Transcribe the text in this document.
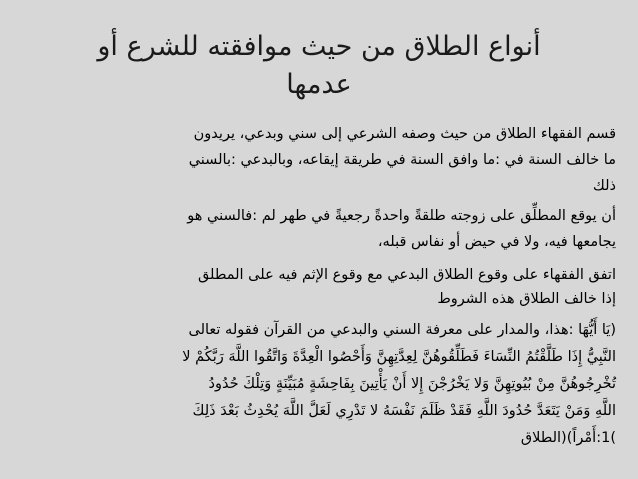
أنواع الطلاق من حيث موافقته للشرع أو
عدمها

قسم الفقهاء الطلاق من حيث وصفه الشرعي إلى سني وبدعي، يريدون

ما خالف السنة في :ما وافق السنة في طريقة إيقاعه، وبالبدعي :بالسني

ذلك

أن يوقع المطلِّق على زوجته طلقةً واحدةً رجعيةً في طهر لم :فالسني هو

يجامعها فيه، ولا في حيض أو نفاس قبله،

اتفق الفقهاء على وقوع الطلاق البدعي مع وقوع الإثم فيه على المطلق

إذا خالف الطلاق هذه الشروط

(يَا أَيُّهَا :هذا، والمدار على معرفة السني والبدعي من القرآن فقوله تعالى

النَّبِيُّ إِذَا طَلَّقْتُمُ النِّسَاءَ فَطَلِّقُوهُنَّ لِعِدَّتِهِنَّ وَأَحْصُوا الْعِدَّةَ وَاتَّقُوا اللَّهَ رَبَّكُمْ لا

تُخْرِجُوهُنَّ مِنْ بُيُوتِهِنَّ وَلا يَخْرُجْنَ إِلا أَنْ يَأْتِينَ بِفَاحِشَةٍ مُبَيِّنَةٍ وَتِلْكَ حُدُودُ

اللَّهِ وَمَنْ يَتَعَدَّ حُدُودَ اللَّهِ فَقَدْ ظَلَمَ نَفْسَهُ لا تَدْرِي لَعَلَّ اللَّهَ يُحْدِثُ بَعْدَ ذَلِكَ

)1:أَمْراً)(الطلاق
